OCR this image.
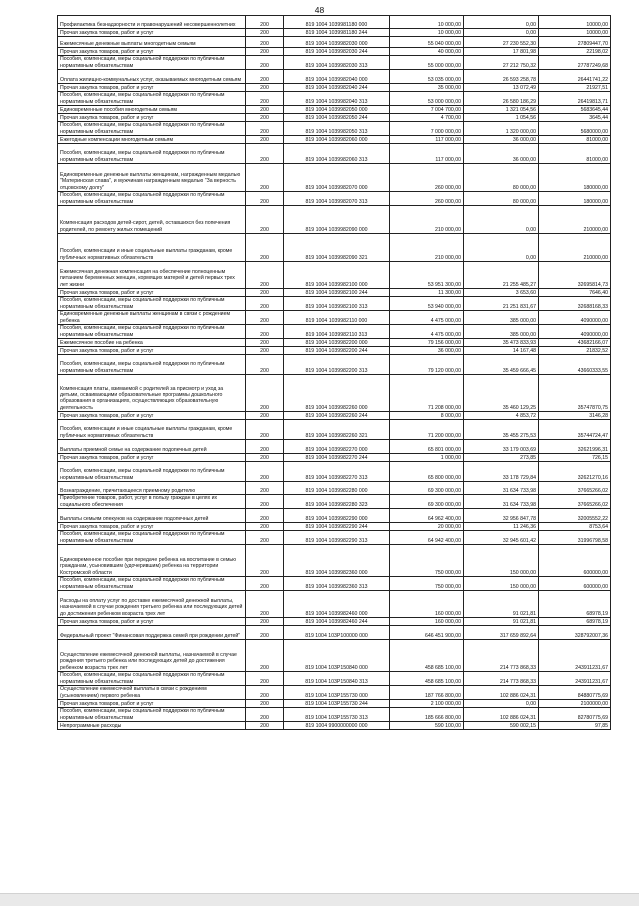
48
Профилактика безнадзорности и правонарушений несовершеннолетних	200	819 1004 1039981180 000	10 000,00	0,00	10000,00
Прочая закупка товаров, работ и услуг	200	819 1004 1039981180 244	10 000,00	0,00	10000,00
Ежемесячные денежные выплаты многодетным семьям	200	819 1004 1039982030 000	55 040 000,00	27 230 552,30	27809447,70
Прочая закупка товаров, работ и услуг	200	819 1004 1039982030 244	40 000,00	17 801,98	22198,02
Пособия, компенсации, меры социальной поддержки по публичным нормативным обязательствам	200	819 1004 1039982030 313	55 000 000,00	27 212 750,32	27787249,68
Оплата жилищно-коммунальных услуг, оказываемых многодетным семьям	200	819 1004 1039982040 000	53 035 000,00	26 593 258,78	26441741,22
Прочая закупка товаров, работ и услуг	200	819 1004 1039982040 244	35 000,00	13 072,49	21927,51
Пособия, компенсации, меры социальной поддержки по публичным нормативным обязательствам	200	819 1004 1039982040 313	53 000 000,00	26 580 186,29	26419813,71
Единовременные пособия многодетным семьям	200	819 1004 1039982050 000	7 004 700,00	1 321 054,56	5683645,44
Прочая закупка товаров, работ и услуг	200	819 1004 1039982050 244	4 700,00	1 054,56	3645,44
Пособия, компенсации, меры социальной поддержки по публичным нормативным обязательствам	200	819 1004 1039982050 313	7 000 000,00	1 320 000,00	5680000,00
Ежегодные компенсации многодетным семьям	200	819 1004 1039982060 000	117 000,00	36 000,00	81000,00
Пособия, компенсации, меры социальной поддержки по публичным нормативным обязательствам	200	819 1004 1039982060 313	117 000,00	36 000,00	81000,00
Единовременные денежные выплаты женщинам, награжденным медалью "Материнская слава", и мужчинам награжденным медалью "За верность отцовскому долгу"	200	819 1004 1039982070 000	260 000,00	80 000,00	180000,00
Пособия, компенсации, меры социальной поддержки по публичным нормативным обязательствам	200	819 1004 1039982070 313	260 000,00	80 000,00	180000,00
Компенсация расходов детей-сирот, детей, оставшихся без попечения родителей, по ремонту жилых помещений	200	819 1004 1039982090 000	210 000,00	0,00	210000,00
Пособия, компенсации и иные социальные выплаты гражданам, кроме публичных нормативных обязательств	200	819 1004 1039982090 321	210 000,00	0,00	210000,00
Ежемесячная денежная компенсация на обеспечение полноценным питанием беременных женщин, кормящих матерей и детей первых трех лет жизни	200	819 1004 1039982100 000	53 951 300,00	21 255 485,27	32695814,73
Прочая закупка товаров, работ и услуг	200	819 1004 1039982100 244	11 300,00	3 653,60	7646,40
Пособия, компенсации, меры социальной поддержки по публичным нормативным обязательствам	200	819 1004 1039982100 313	53 940 000,00	21 251 831,67	32688168,33
Единовременные денежные выплаты женщинам в связи с рождением ребенка	200	819 1004 1039982110 000	4 475 000,00	385 000,00	4090000,00
Пособия, компенсации, меры социальной поддержки по публичным нормативным обязательствам	200	819 1004 1039982110 313	4 475 000,00	385 000,00	4090000,00
Ежемесячное пособие на ребенка	200	819 1004 1039982200 000	79 156 000,00	35 473 833,93	43682166,07
Прочая закупка товаров, работ и услуг	200	819 1004 1039982200 244	36 000,00	14 167,48	21832,52
Пособия, компенсации, меры социальной поддержки по публичным нормативным обязательствам	200	819 1004 1039982200 313	79 120 000,00	35 459 666,45	43660333,55
Компенсация платы, взимаемой с родителей за присмотр и уход за детьми, осваивающими образовательные программы дошкольного образования в организациях, осуществляющих образовательную деятельность	200	819 1004 1039982260 000	71 208 000,00	35 460 129,25	35747870,75
Прочая закупка товаров, работ и услуг	200	819 1004 1039982260 244	8 000,00	4 853,72	3146,28
Пособия, компенсации и иные социальные выплаты гражданам, кроме публичных нормативных обязательств	200	819 1004 1039982260 321	71 200 000,00	35 455 275,53	35744724,47
Выплаты приемной семье на содержание подопечных детей	200	819 1004 1039982270 000	65 801 000,00	33 179 003,69	32621996,31
Прочая закупка товаров, работ и услуг	200	819 1004 1039982270 244	1 000,00	273,85	726,15
Пособия, компенсации, меры социальной поддержки по публичным нормативным обязательствам	200	819 1004 1039982270 313	65 800 000,00	33 178 729,84	32621270,16
Вознаграждение, причитающееся приемному родителю	200	819 1004 1039982280 000	69 300 000,00	31 634 733,98	37665266,02
Приобретение товаров, работ, услуг в пользу граждан в целях их социального обеспечения	200	819 1004 1039982280 323	69 300 000,00	31 634 733,98	37665266,02
Выплаты семьям опекунов на содержание подопечных детей	200	819 1004 1039982290 000	64 962 400,00	32 956 847,78	32005552,22
Прочая закупка товаров, работ и услуг	200	819 1004 1039982290 244	20 000,00	11 246,36	8753,64
Пособия, компенсации, меры социальной поддержки по публичным нормативным обязательствам	200	819 1004 1039982290 313	64 942 400,00	32 945 601,42	31996798,58
Единовременное пособие при передаче ребенка на воспитание в семью гражданам, усыновившим (удочерившим) ребенка на территории Костромской области	200	819 1004 1039982360 000	750 000,00	150 000,00	600000,00
Пособия, компенсации, меры социальной поддержки по публичным нормативным обязательствам	200	819 1004 1039982360 313	750 000,00	150 000,00	600000,00
Расходы на оплату услуг по доставке ежемесячной денежной выплаты, назначаемой в случае рождения третьего ребенка или последующих детей до достижения ребенком возраста трех лет	200	819 1004 1039982460 000	160 000,00	91 021,81	68978,19
Прочая закупка товаров, работ и услуг	200	819 1004 1039982460 244	160 000,00	91 021,81	68978,19
Федеральный проект "Финансовая поддержка семей при рождении детей"	200	819 1004 103P100000 000	646 451 900,00	317 659 892,64	328792007,36
Осуществление ежемесячной денежной выплаты, назначаемой в случае рождения третьего ребенка или последующих детей до достижения ребенком возраста трех лет	200	819 1004 103P150840 000	458 685 100,00	214 773 868,33	243911231,67
Пособия, компенсации, меры социальной поддержки по публичным нормативным обязательствам	200	819 1004 103P150840 313	458 685 100,00	214 773 868,33	243911231,67
Осуществление ежемесячной выплаты в связи с рождением (усыновлением) первого ребенка	200	819 1004 103P155730 000	187 766 800,00	102 886 024,31	84880775,69
Прочая закупка товаров, работ и услуг	200	819 1004 103P155730 244	2 100 000,00	0,00	2100000,00
Пособия, компенсации, меры социальной поддержки по публичным нормативным обязательствам	200	819 1004 103P155730 313	185 666 800,00	102 886 024,31	82780775,69
Непрограммные расходы	200	819 1004 9900000000 000	590 100,00	590 002,15	97,85
